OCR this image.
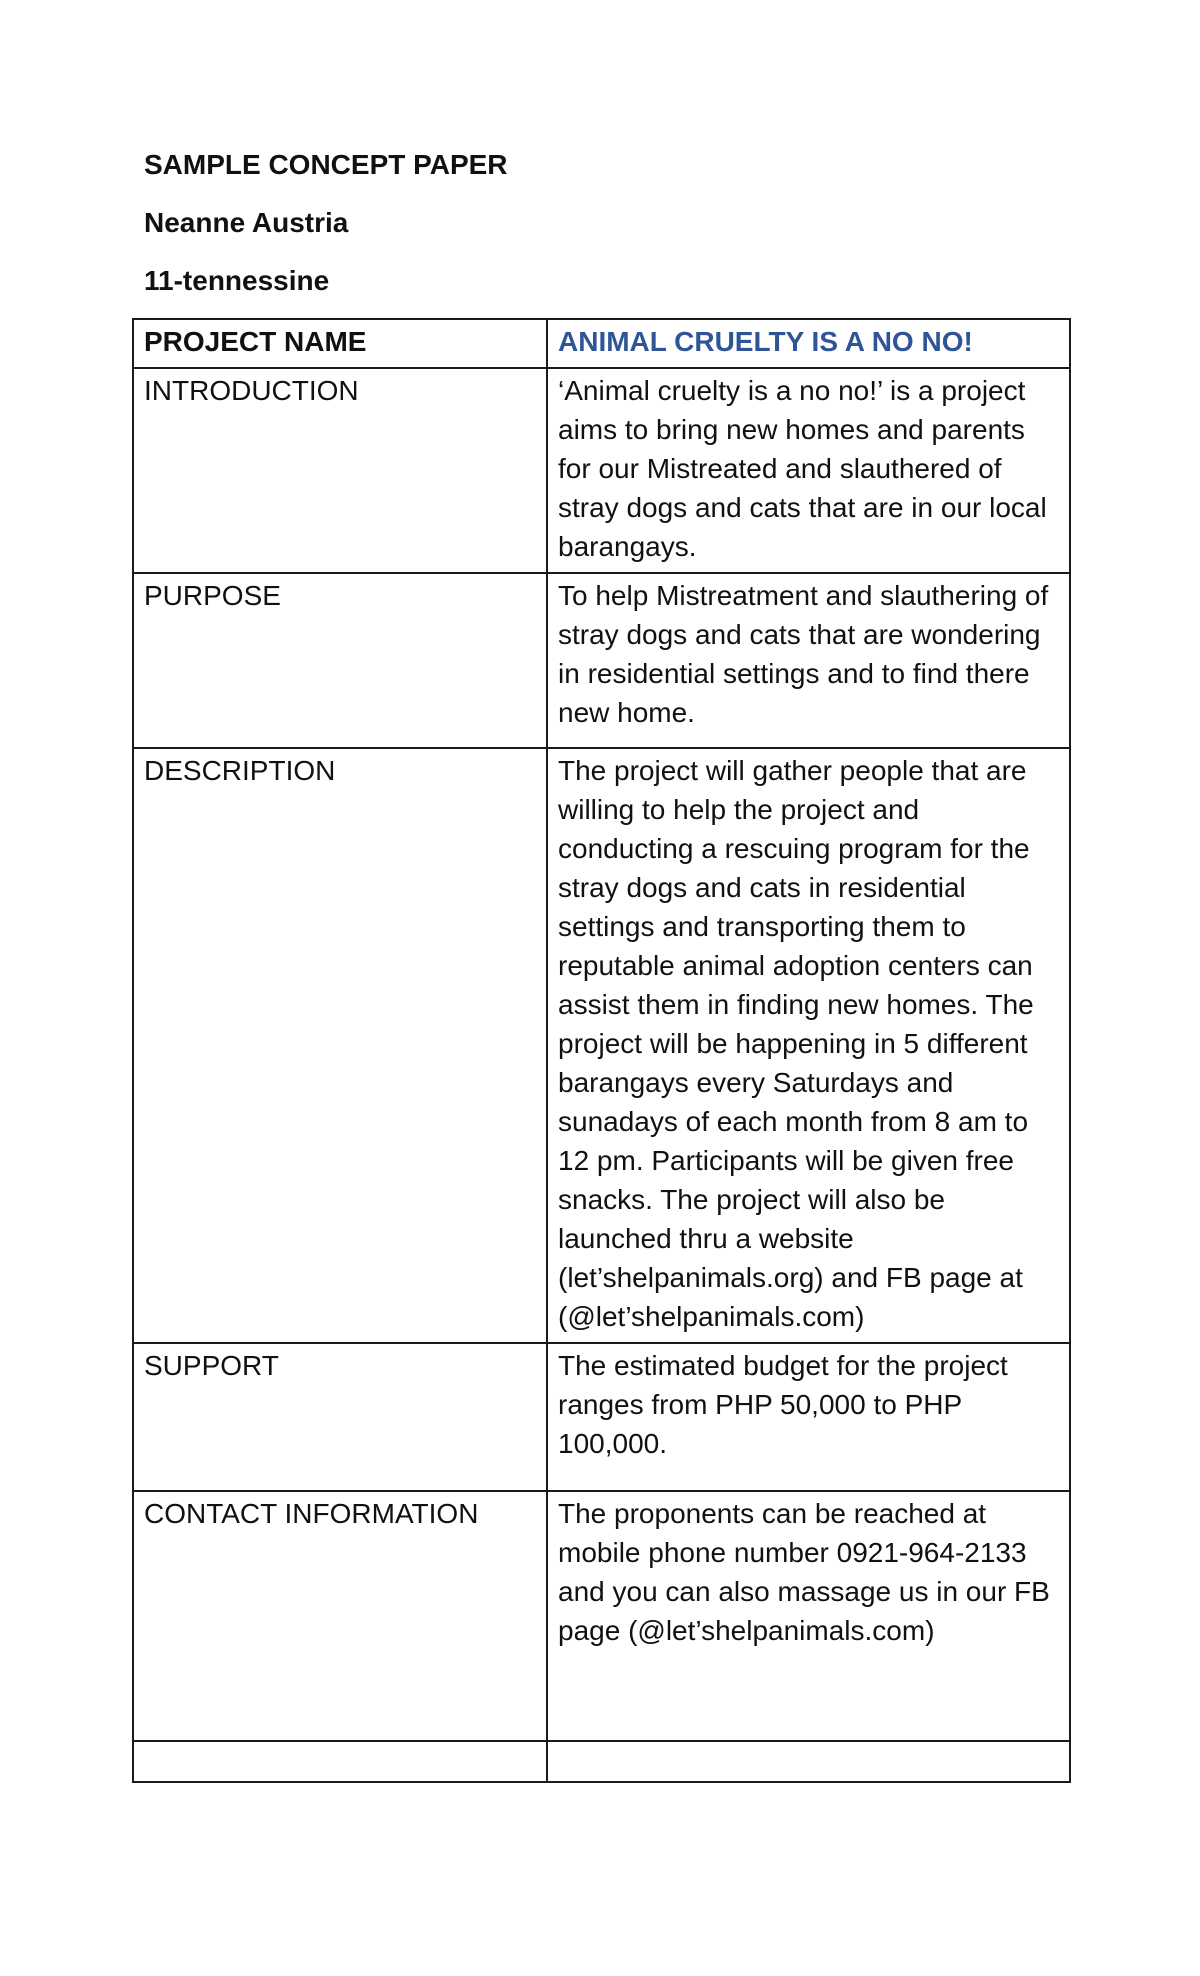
SAMPLE CONCEPT PAPER

Neanne Austria

11-tennessine

PROJECT NAME	ANIMAL CRUELTY IS A NO NO!
INTRODUCTION	‘Animal cruelty is a no no!’ is a project aims to bring new homes and parents for our Mistreated and slauthered of stray dogs and cats that are in our local barangays.
PURPOSE	To help Mistreatment and slauthering of stray dogs and cats that are wondering in residential settings and to find there new home.
DESCRIPTION	The project will gather people that are willing to help the project and conducting a rescuing program for the stray dogs and cats in residential settings and transporting them to reputable animal adoption centers can assist them in finding new homes. The project will be happening in 5 different barangays every Saturdays and sunadays of each month from 8 am to 12 pm. Participants will be given free snacks. The project will also be launched thru a website (let’shelpanimals.org) and FB page at (@let’shelpanimals.com)
SUPPORT	The estimated budget for the project ranges from PHP 50,000 to PHP 100,000.
CONTACT INFORMATION	The proponents can be reached at mobile phone number 0921-964-2133 and you can also massage us in our FB page (@let’shelpanimals.com)
